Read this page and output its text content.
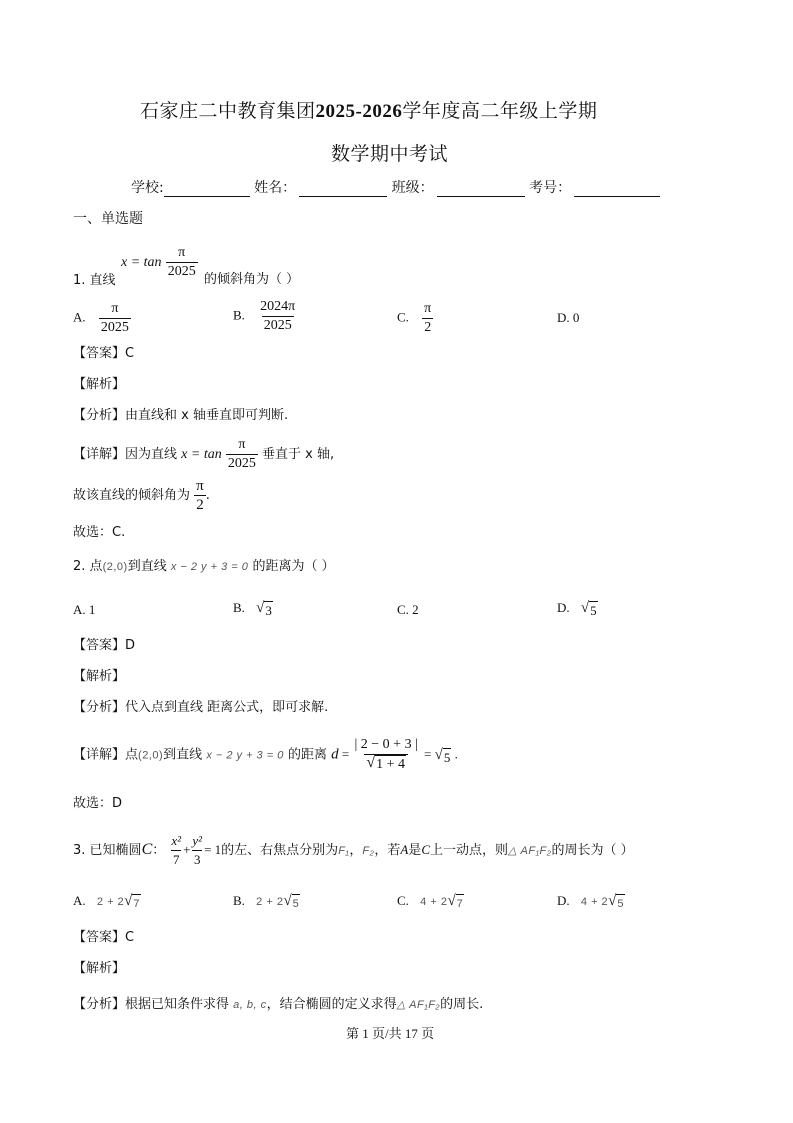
石家庄二中教育集团2025-2026学年度高二年级上学期
数学期中考试
学校:	姓名：	班级：	考号：
一、单选题
$x = \tan \frac{\pi}{2025}$
1. 直线	的倾斜角为（ ）
A. $\frac{\pi}{2025}$	B. $\frac{2024\pi}{2025}$	C. $\frac{\pi}{2}$	D. 0
【答案】C
【解析】
【分析】由直线和 x 轴垂直即可判断.
【详解】因为直线 $x = \tan \frac{\pi}{2025}$ 垂直于 x 轴,
故该直线的倾斜角为 $\frac{\pi}{2}$ .
故选：C.
2. 点(2,0)到直线 x − 2 y + 3 = 0 的距离为（ ）
A. 1	B. √ 3	C. 2	D. √ 5
【答案】D
【解析】
【分析】代入点到直线 距离公式，即可求解.
【详解】点(2,0)到直线 x − 2 y + 3 = 0 的距离 $d = \frac{| 2 - 0 + 3 |}{√ 1 + 4}$ = √ 5 .
故选：D
3. 已知椭圆C： $\frac{\text{x²}}{7} + \frac{\text{y²}}{3} = 1$的左、右焦点分别为F₁，F₂，若A是C上一动点，则△ AF₁F₂的周长为（ ）
A. 2 + 2 √ 7	B. 2 + 2 √ 5	C. 4 + 2 √ 7	D. 4 + 2 √ 5
【答案】C
【解析】
【分析】根据已知条件求得 a, b, c，结合椭圆的定义求得△ AF₁F₂的周长.
第 1 页/共 17 页
